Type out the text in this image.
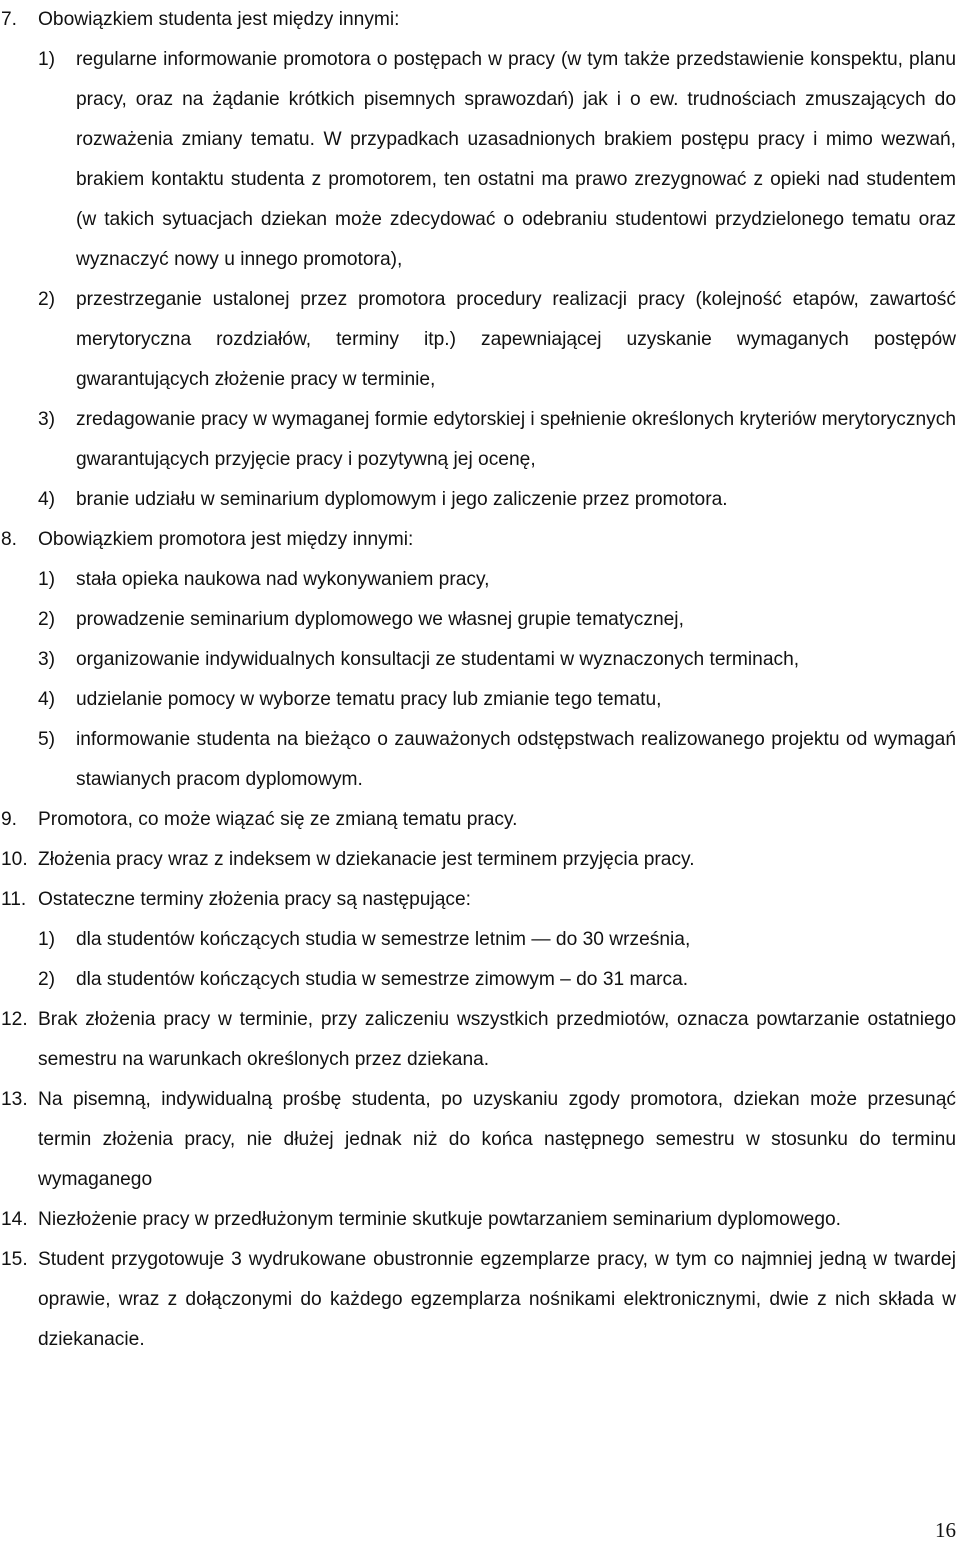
7.	Obowiązkiem studenta jest między innymi:
1)	regularne informowanie promotora o postępach w pracy (w tym także przedstawienie konspektu, planu pracy, oraz na żądanie krótkich pisemnych sprawozdań) jak i o ew. trudnościach zmuszających do rozważenia zmiany tematu. W przypadkach uzasadnionych brakiem postępu pracy i mimo wezwań, brakiem kontaktu studenta z promotorem, ten ostatni ma prawo zrezygnować z opieki nad studentem (w takich sytuacjach dziekan może zdecydować o odebraniu studentowi przydzielonego tematu oraz wyznaczyć nowy u innego promotora),
2)	przestrzeganie ustalonej przez promotora procedury realizacji pracy (kolejność etapów, zawartość merytoryczna rozdziałów, terminy itp.) zapewniającej uzyskanie wymaganych postępów gwarantujących złożenie pracy w terminie,
3)	zredagowanie pracy w wymaganej formie edytorskiej i spełnienie określonych kryteriów merytorycznych gwarantujących przyjęcie pracy i pozytywną jej ocenę,
4)	branie udziału w seminarium dyplomowym i jego zaliczenie przez promotora.
8.	Obowiązkiem promotora jest między innymi:
1)	stała opieka naukowa nad wykonywaniem pracy,
2)	prowadzenie seminarium dyplomowego we własnej grupie tematycznej,
3)	organizowanie indywidualnych konsultacji ze studentami w wyznaczonych terminach,
4)	udzielanie pomocy w wyborze tematu pracy lub zmianie tego tematu,
5)	informowanie studenta na bieżąco o zauważonych odstępstwach realizowanego projektu od wymagań stawianych pracom dyplomowym.
9.	Promotora, co może wiązać się ze zmianą tematu pracy.
10. Złożenia pracy wraz z indeksem w dziekanacie jest terminem przyjęcia pracy.
11. Ostateczne terminy złożenia pracy są następujące:
1)	dla studentów kończących studia w semestrze letnim — do 30 września,
2)	dla studentów kończących studia w semestrze zimowym – do 31 marca.
12. Brak złożenia pracy w terminie, przy zaliczeniu wszystkich przedmiotów, oznacza powtarzanie ostatniego semestru na warunkach określonych przez dziekana.
13. Na pisemną, indywidualną prośbę studenta, po uzyskaniu zgody promotora, dziekan może przesunąć termin złożenia pracy, nie dłużej jednak niż do końca następnego semestru w stosunku do terminu wymaganego
14. Niezłożenie pracy w przedłużonym terminie skutkuje powtarzaniem seminarium dyplomowego.
15. Student przygotowuje 3 wydrukowane obustronnie egzemplarze pracy, w tym co najmniej jedną w twardej oprawie, wraz z dołączonymi do każdego egzemplarza nośnikami elektronicznymi, dwie z nich składa w dziekanacie.
16
